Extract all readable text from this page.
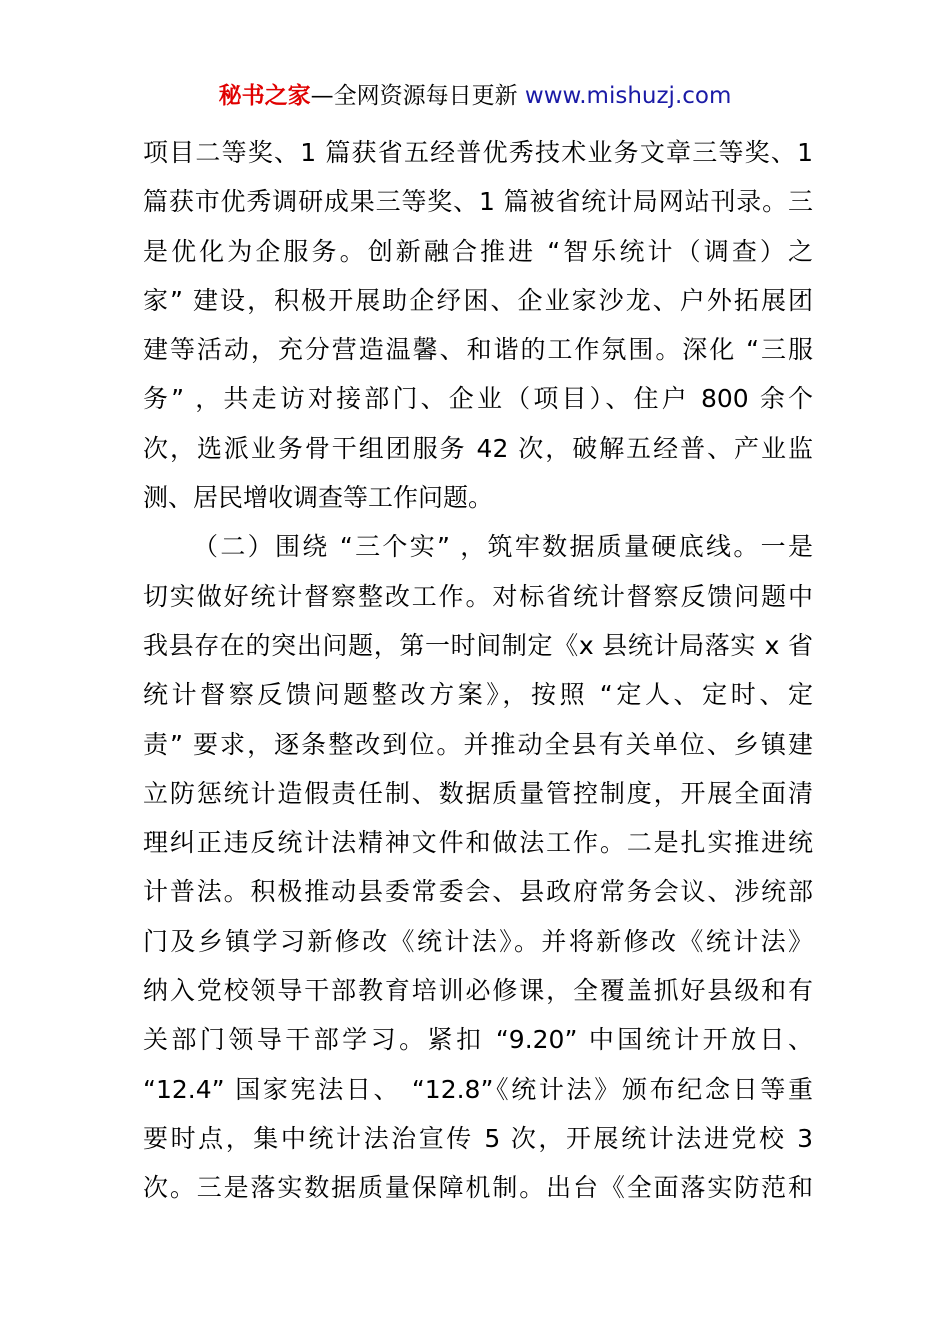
秘书之家—全网资源每日更新 www.mishuzj.com
项目二等奖、1 篇获省五经普优秀技术业务文章三等奖、1
篇获市优秀调研成果三等奖、1 篇被省统计局网站刊录。三
是优化为企服务。创新融合推进 “智乐统计（调查）之
家” 建设，积极开展助企纾困、企业家沙龙、户外拓展团
建等活动，充分营造温馨、和谐的工作氛围。深化 “三服
务” ，共走访对接部门、企业（项目）、住户 800 余个
次，选派业务骨干组团服务 42 次，破解五经普、产业监
测、居民增收调查等工作问题。
（二）围绕 “三个实” ，筑牢数据质量硬底线。一是
切实做好统计督察整改工作。对标省统计督察反馈问题中
我县存在的突出问题，第一时间制定《x 县统计局落实 x 省
统计督察反馈问题整改方案》，按照 “定人、定时、定
责” 要求，逐条整改到位。并推动全县有关单位、乡镇建
立防惩统计造假责任制、数据质量管控制度，开展全面清
理纠正违反统计法精神文件和做法工作。二是扎实推进统
计普法。积极推动县委常委会、县政府常务会议、涉统部
门及乡镇学习新修改《统计法》。并将新修改《统计法》
纳入党校领导干部教育培训必修课，全覆盖抓好县级和有
关部门领导干部学习。紧扣 “9.20” 中国统计开放日、
“12.4” 国家宪法日、 “12.8”《统计法》颁布纪念日等重
要时点，集中统计法治宣传 5 次，开展统计法进党校 3
次。三是落实数据质量保障机制。出台《全面落实防范和
